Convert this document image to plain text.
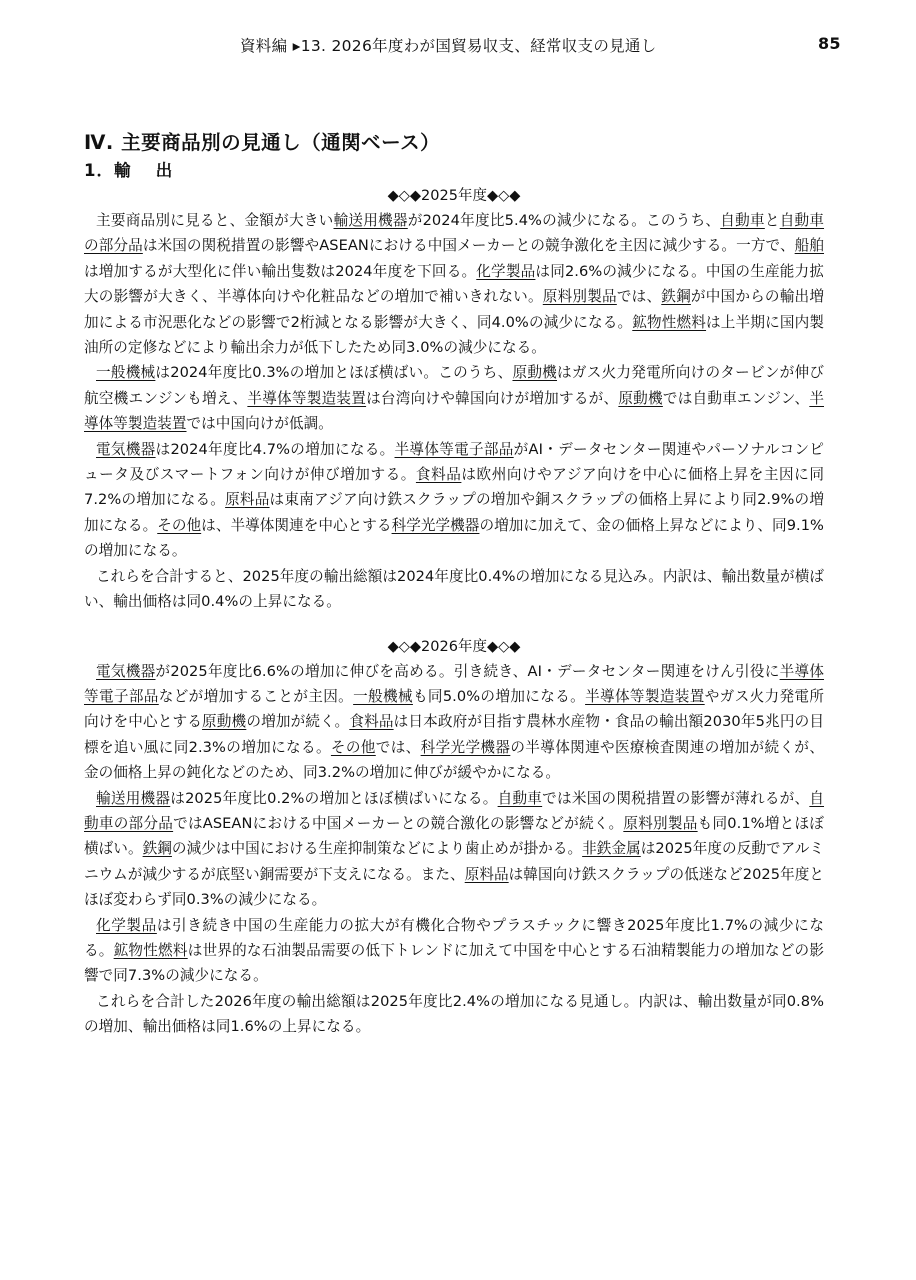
資料編 ▸13. 2026年度わが国貿易収支、経常収支の見通し	85
Ⅳ. 主要商品別の見通し（通関ベース）
1．輸　 出

◆◇◆2025年度◆◇◆

主要商品別に見ると、金額が大きい輸送用機器が2024年度比5.4%の減少になる。このうち、自動車と自動車の部分品は米国の関税措置の影響やASEANにおける中国メーカーとの競争激化を主因に減少する。一方で、船舶は増加するが大型化に伴い輸出隻数は2024年度を下回る。化学製品は同2.6%の減少になる。中国の生産能力拡大の影響が大きく、半導体向けや化粧品などの増加で補いきれない。原料別製品では、鉄鋼が中国からの輸出増加による市況悪化などの影響で2桁減となる影響が大きく、同4.0%の減少になる。鉱物性燃料は上半期に国内製油所の定修などにより輸出余力が低下したため同3.0%の減少になる。

一般機械は2024年度比0.3%の増加とほぼ横ばい。このうち、原動機はガス火力発電所向けのタービンが伸び航空機エンジンも増え、半導体等製造装置は台湾向けや韓国向けが増加するが、原動機では自動車エンジン、半導体等製造装置では中国向けが低調。

電気機器は2024年度比4.7%の増加になる。半導体等電子部品がAI・データセンター関連やパーソナルコンピュータ及びスマートフォン向けが伸び増加する。食料品は欧州向けやアジア向けを中心に価格上昇を主因に同7.2%の増加になる。原料品は東南アジア向け鉄スクラップの増加や銅スクラップの価格上昇により同2.9%の増加になる。その他は、半導体関連を中心とする科学光学機器の増加に加えて、金の価格上昇などにより、同9.1%の増加になる。

これらを合計すると、2025年度の輸出総額は2024年度比0.4%の増加になる見込み。内訳は、輸出数量が横ばい、輸出価格は同0.4%の上昇になる。

◆◇◆2026年度◆◇◆

電気機器が2025年度比6.6%の増加に伸びを高める。引き続き、AI・データセンター関連をけん引役に半導体等電子部品などが増加することが主因。一般機械も同5.0%の増加になる。半導体等製造装置やガス火力発電所向けを中心とする原動機の増加が続く。食料品は日本政府が目指す農林水産物・食品の輸出額2030年5兆円の目標を追い風に同2.3%の増加になる。その他では、科学光学機器の半導体関連や医療検査関連の増加が続くが、金の価格上昇の鈍化などのため、同3.2%の増加に伸びが緩やかになる。

輸送用機器は2025年度比0.2%の増加とほぼ横ばいになる。自動車では米国の関税措置の影響が薄れるが、自動車の部分品ではASEANにおける中国メーカーとの競合激化の影響などが続く。原料別製品も同0.1%増とほぼ横ばい。鉄鋼の減少は中国における生産抑制策などにより歯止めが掛かる。非鉄金属は2025年度の反動でアルミニウムが減少するが底堅い銅需要が下支えになる。また、原料品は韓国向け鉄スクラップの低迷など2025年度とほぼ変わらず同0.3%の減少になる。

化学製品は引き続き中国の生産能力の拡大が有機化合物やプラスチックに響き2025年度比1.7%の減少になる。鉱物性燃料は世界的な石油製品需要の低下トレンドに加えて中国を中心とする石油精製能力の増加などの影響で同7.3%の減少になる。

これらを合計した2026年度の輸出総額は2025年度比2.4%の増加になる見通し。内訳は、輸出数量が同0.8%の増加、輸出価格は同1.6%の上昇になる。
